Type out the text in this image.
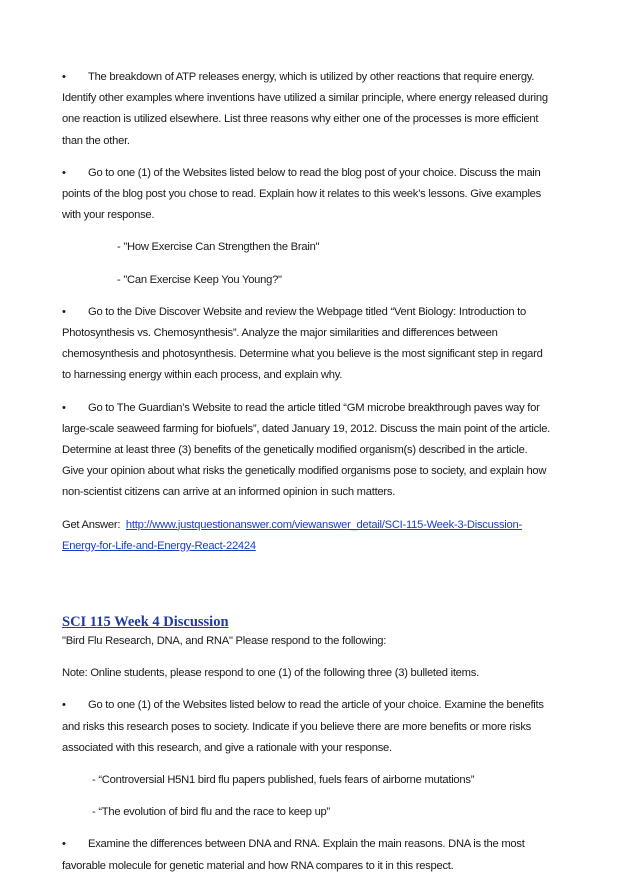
• The breakdown of ATP releases energy, which is utilized by other reactions that require energy.

Identify other examples where inventions have utilized a similar principle, where energy released during

one reaction is utilized elsewhere. List three reasons why either one of the processes is more efficient

than the other.

• Go to one (1) of the Websites listed below to read the blog post of your choice. Discuss the main

points of the blog post you chose to read. Explain how it relates to this week’s lessons. Give examples

with your response.

- "How Exercise Can Strengthen the Brain"

- "Can Exercise Keep You Young?"

• Go to the Dive Discover Website and review the Webpage titled “Vent Biology: Introduction to

Photosynthesis vs. Chemosynthesis”. Analyze the major similarities and differences between

chemosynthesis and photosynthesis. Determine what you believe is the most significant step in regard

to harnessing energy within each process, and explain why.

• Go to The Guardian’s Website to read the article titled “GM microbe breakthrough paves way for

large-scale seaweed farming for biofuels”, dated January 19, 2012. Discuss the main point of the article.

Determine at least three (3) benefits of the genetically modified organism(s) described in the article.

Give your opinion about what risks the genetically modified organisms pose to society, and explain how

non-scientist citizens can arrive at an informed opinion in such matters.

Get Answer: http://www.justquestionanswer.com/viewanswer_detail/SCI-115-Week-3-Discussion-

Energy-for-Life-and-Energy-React-22424

SCI 115 Week 4 Discussion

"Bird Flu Research, DNA, and RNA" Please respond to the following:

Note: Online students, please respond to one (1) of the following three (3) bulleted items.

• Go to one (1) of the Websites listed below to read the article of your choice. Examine the benefits

and risks this research poses to society. Indicate if you believe there are more benefits or more risks

associated with this research, and give a rationale with your response.

- “Controversial H5N1 bird flu papers published, fuels fears of airborne mutations”

- “The evolution of bird flu and the race to keep up”

• Examine the differences between DNA and RNA. Explain the main reasons. DNA is the most

favorable molecule for genetic material and how RNA compares to it in this respect.
